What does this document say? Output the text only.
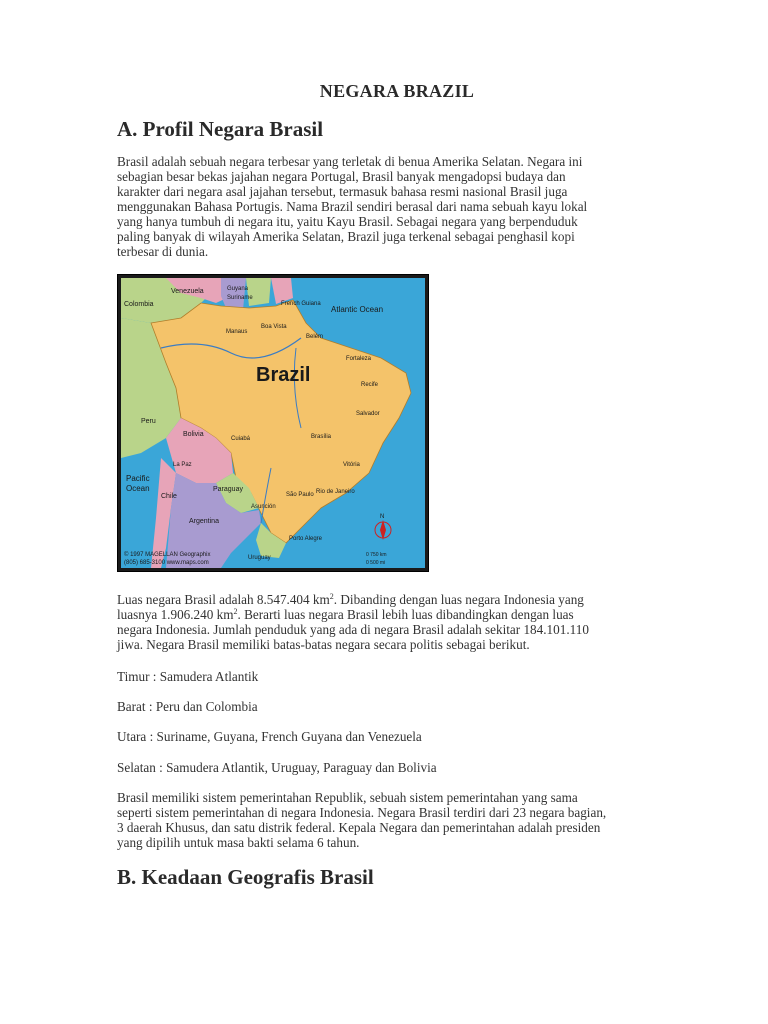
NEGARA BRAZIL
A. Profil Negara Brasil
Brasil adalah sebuah negara terbesar yang terletak di benua Amerika Selatan. Negara ini
sebagian besar bekas jajahan negara Portugal, Brasil banyak mengadopsi budaya dan
karakter dari negara asal jajahan tersebut, termasuk bahasa resmi nasional Brasil juga
menggunakan Bahasa Portugis. Nama Brazil sendiri berasal dari nama sebuah kayu lokal
yang hanya tumbuh di negara itu, yaitu Kayu Brasil. Sebagai negara yang berpenduduk
paling banyak di wilayah Amerika Selatan, Brazil juga terkenal sebagai penghasil kopi
terbesar di dunia.
Luas negara Brasil adalah 8.547.404 $km^2$. Dibanding dengan luas negara Indonesia yang
luasnya 1.906.240 $km^2$. Berarti luas negara Brasil lebih luas dibandingkan dengan luas
negara Indonesia. Jumlah penduduk yang ada di negara Brasil adalah sekitar 184.101.110
jiwa. Negara Brasil memiliki batas-batas negara secara politis sebagai berikut.
Timur : Samudera Atlantik
Barat : Peru dan Colombia
Utara : Suriname, Guyana, French Guyana dan Venezuela
Selatan : Samudera Atlantik, Uruguay, Paraguay dan Bolivia
Brasil memiliki sistem pemerintahan Republik, sebuah sistem pemerintahan yang sama
seperti sistem pemerintahan di negara Indonesia. Negara Brasil terdiri dari 23 negara bagian,
3 daerah Khusus, dan satu distrik federal. Kepala Negara dan pemerintahan adalah presiden
yang dipilih untuk masa bakti selama 6 tahun.
B. Keadaan Geografis Brasil
Brazil
Atlantic Ocean
Pacific
Ocean
Colombia
Venezuela	Guyana
Suriname
French Guiana
Peru
Bolivia
Chile
Paraguay
Argentina
Uruguay
Manaus
Boa Vista
Belém
Fortaleza
Recife
Salvador
Brasília
Cuiabá
Vitória
São Paulo Rio de Janeiro
Porto Alegre
La Paz
Asunción
N
© 1997 MAGELLAN Geographix
(805) 685-3100 www.maps.com
0 750 km
0 500 mi
